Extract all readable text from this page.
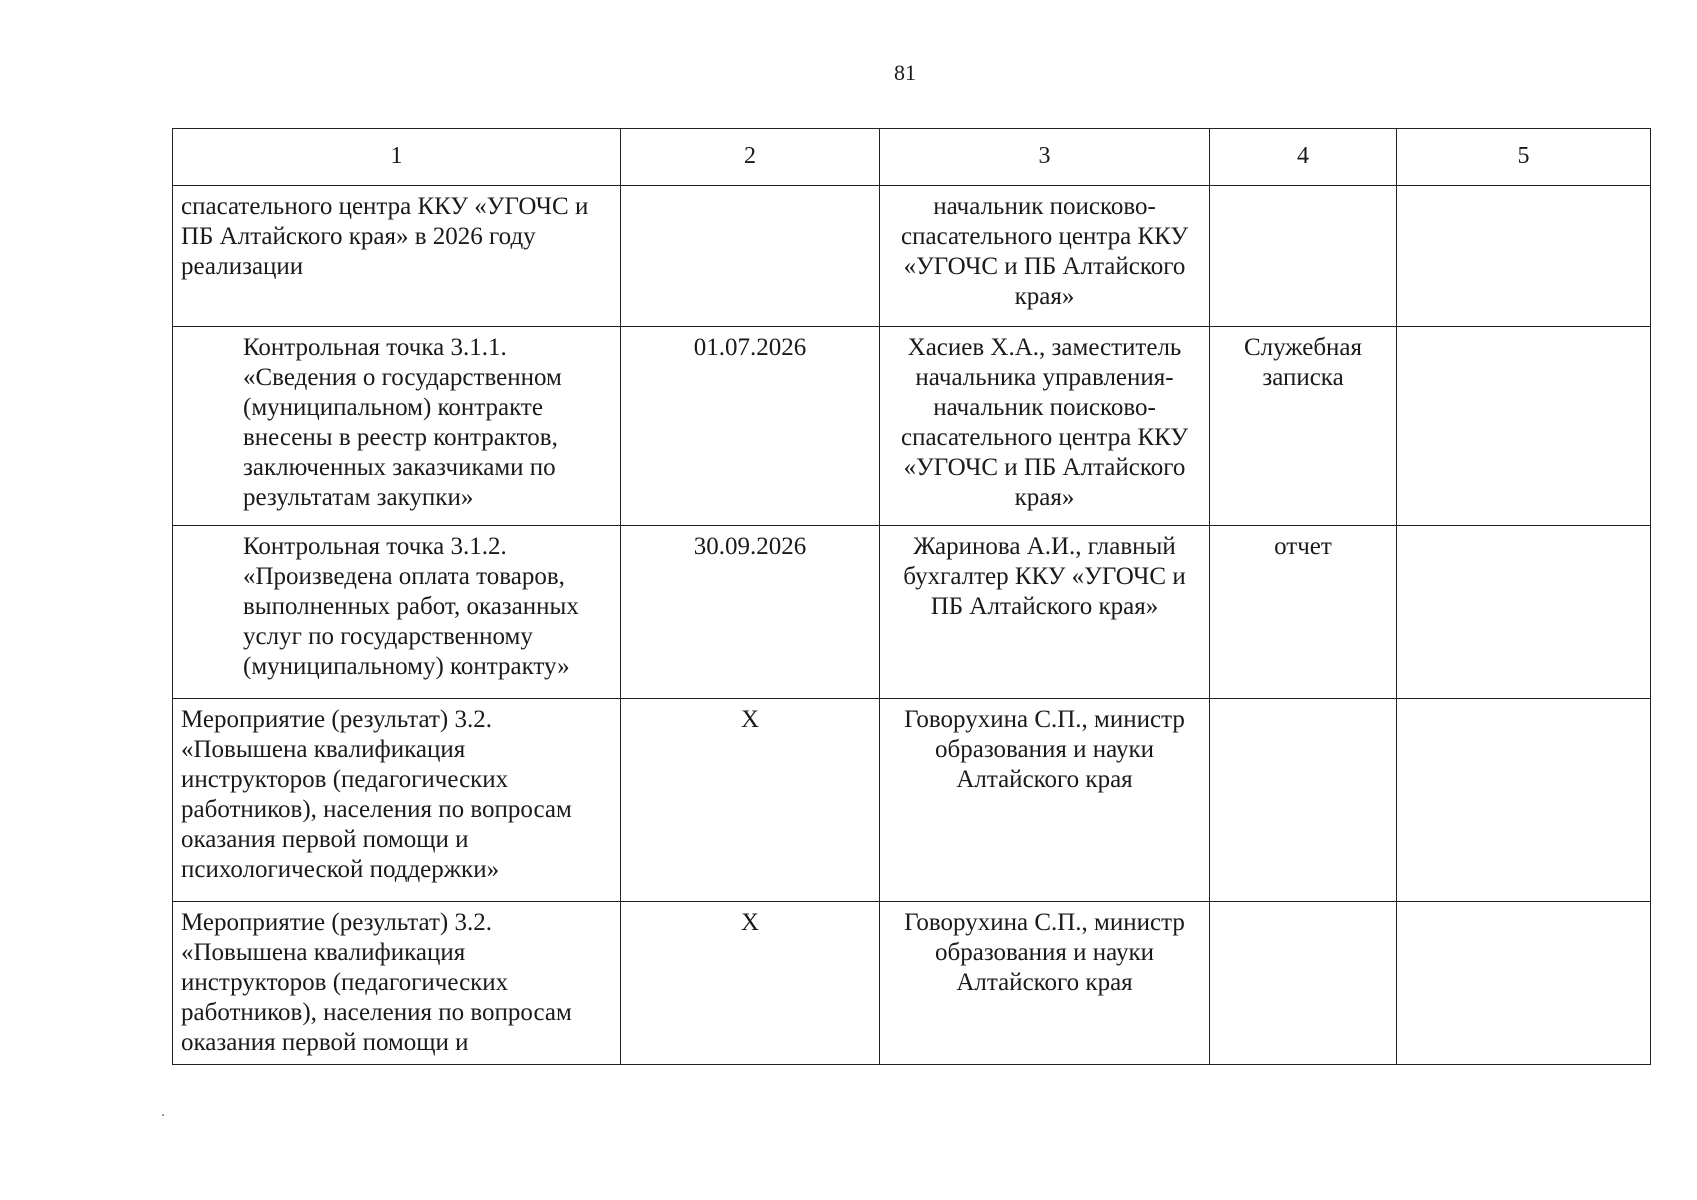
81
1	2	3	4	5
спасательного центра ККУ «УГОЧС и ПБ Алтайского края» в 2026 году реализации		начальник поисково-спасательного центра ККУ «УГОЧС и ПБ Алтайского края»		
Контрольная точка 3.1.1. «Сведения о государственном (муниципальном) контракте внесены в реестр контрактов, заключенных заказчиками по результатам закупки»	01.07.2026	Хасиев Х.А., заместитель начальника управления-начальник поисково-спасательного центра ККУ «УГОЧС и ПБ Алтайского края»	Служебная записка	
Контрольная точка 3.1.2. «Произведена оплата товаров, выполненных работ, оказанных услуг по государственному (муниципальному) контракту»	30.09.2026	Жаринова А.И., главный бухгалтер ККУ «УГОЧС и ПБ Алтайского края»	отчет	
Мероприятие (результат) 3.2. «Повышена квалификация инструкторов (педагогических работников), населения по вопросам оказания первой помощи и психологической поддержки»	X	Говорухина С.П., министр образования и науки Алтайского края		
Мероприятие (результат) 3.2. «Повышена квалификация инструкторов (педагогических работников), населения по вопросам оказания первой помощи и	X	Говорухина С.П., министр образования и науки Алтайского края		
